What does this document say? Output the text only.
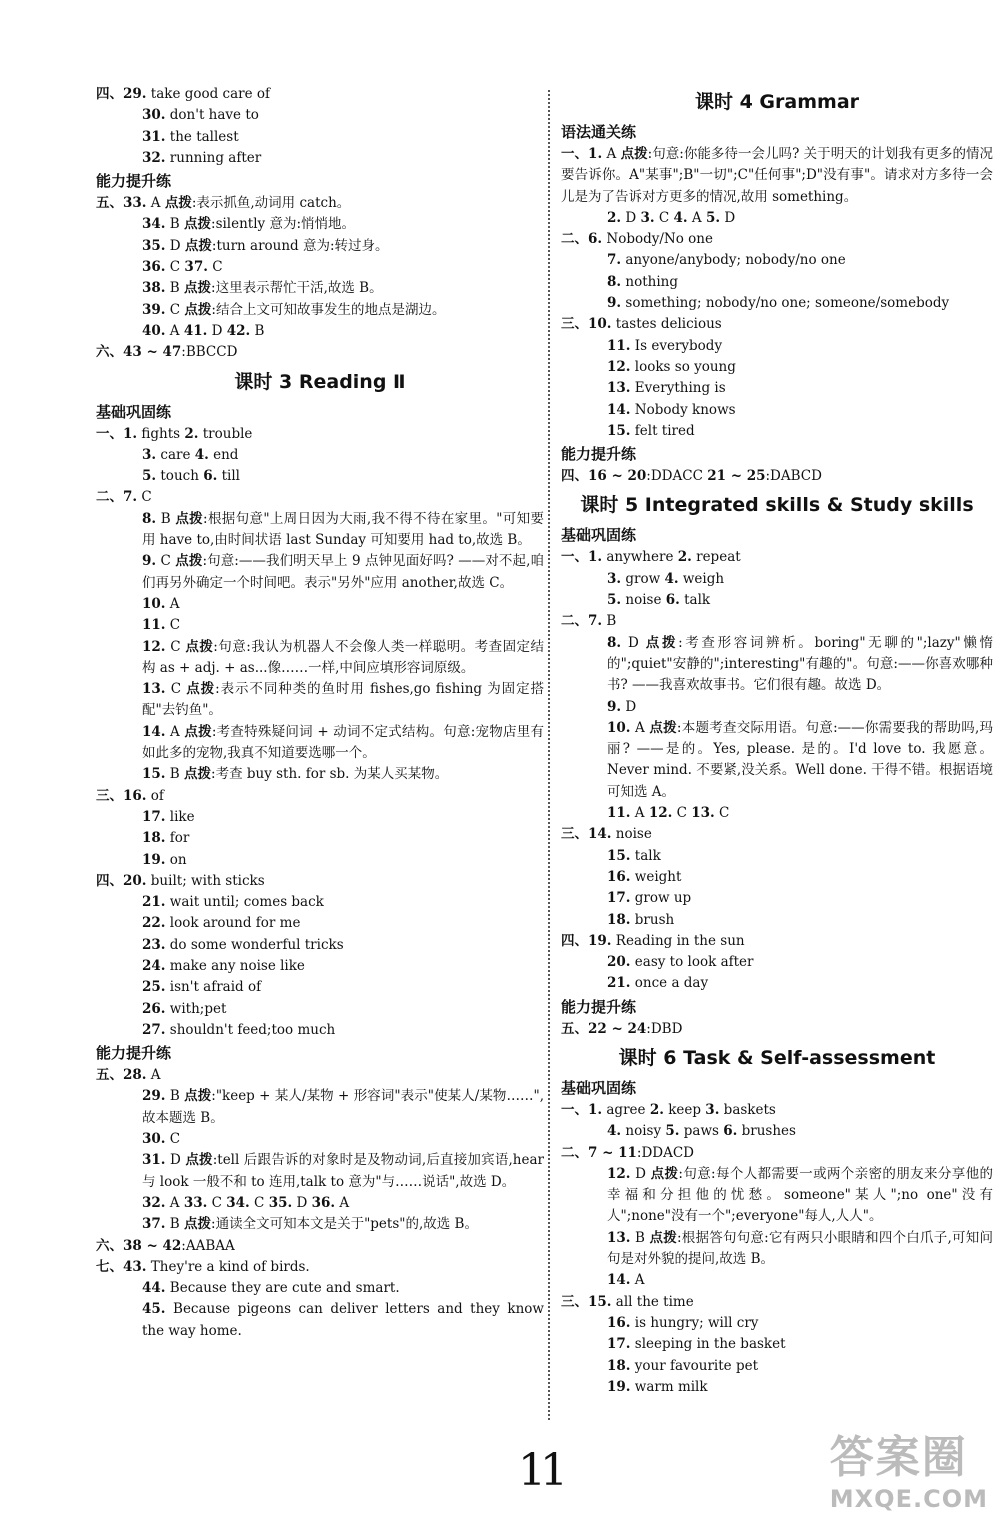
四、29. take good care of
30. don't have to
31. the tallest
32. running after
能力提升练
五、33. A 点拨:表示抓鱼,动词用 catch。
34. B 点拨:silently 意为:悄悄地。
35. D 点拨:turn around 意为:转过身。
36. C 37. C
38. B 点拨:这里表示帮忙干活,故选 B。
39. C 点拨:结合上文可知故事发生的地点是湖边。
40. A 41. D 42. B
六、43 ~ 47:BBCCD
课时 3 Reading Ⅱ
基础巩固练
一、1. fights 2. trouble
3. care 4. end
5. touch 6. till
二、7. C
8. B 点拨:根据句意"上周日因为大雨,我不得不待在家里。"可知要用 have to,由时间状语 last Sunday 可知要用 had to,故选 B。
9. C 点拨:句意:——我们明天早上 9 点钟见面好吗? ——对不起,咱们再另外确定一个时间吧。表示"另外"应用 another,故选 C。
10. A
11. C
12. C 点拨:句意:我认为机器人不会像人类一样聪明。考查固定结构 as + adj. + as...像……一样,中间应填形容词原级。
13. C 点拨:表示不同种类的鱼时用 fishes,go fishing 为固定搭配"去钓鱼"。
14. A 点拨:考查特殊疑问词 + 动词不定式结构。句意:宠物店里有如此多的宠物,我真不知道要选哪一个。
15. B 点拨:考查 buy sth. for sb. 为某人买某物。
三、16. of
17. like
18. for
19. on
四、20. built; with sticks
21. wait until; comes back
22. look around for me
23. do some wonderful tricks
24. make any noise like
25. isn't afraid of
26. with;pet
27. shouldn't feed;too much
能力提升练
五、28. A
29. B 点拨:"keep + 某人/某物 + 形容词"表示"使某人/某物……",故本题选 B。
30. C
31. D 点拨:tell 后跟告诉的对象时是及物动词,后直接加宾语,hear 与 look 一般不和 to 连用,talk to 意为"与……说话",故选 D。
32. A 33. C 34. C 35. D 36. A
37. B 点拨:通读全文可知本文是关于"pets"的,故选 B。
六、38 ~ 42:AABAA
七、43. They're a kind of birds.
44. Because they are cute and smart.
45. Because pigeons can deliver letters and they know the way home.
课时 4 Grammar
语法通关练
一、1. A 点拨:句意:你能多待一会儿吗? 关于明天的计划我有更多的情况要告诉你。A"某事";B"一切";C"任何事";D"没有事"。请求对方多待一会儿是为了告诉对方更多的情况,故用 something。
2. D 3. C 4. A 5. D
二、6. Nobody/No one
7. anyone/anybody; nobody/no one
8. nothing
9. something; nobody/no one; someone/somebody
三、10. tastes delicious
11. Is everybody
12. looks so young
13. Everything is
14. Nobody knows
15. felt tired
能力提升练
四、16 ~ 20:DDACC 21 ~ 25:DABCD
课时 5 Integrated skills & Study skills
基础巩固练
一、1. anywhere 2. repeat
3. grow 4. weigh
5. noise 6. talk
二、7. B
8. D 点拨:考查形容词辨析。boring"无聊的";lazy"懒惰的";quiet"安静的";interesting"有趣的"。句意:——你喜欢哪种书? ——我喜欢故事书。它们很有趣。故选 D。
9. D
10. A 点拨:本题考查交际用语。句意:——你需要我的帮助吗,玛丽? ——是的。Yes, please. 是的。I'd love to. 我愿意。Never mind. 不要紧,没关系。Well done. 干得不错。根据语境可知选 A。
11. A 12. C 13. C
三、14. noise
15. talk
16. weight
17. grow up
18. brush
四、19. Reading in the sun
20. easy to look after
21. once a day
能力提升练
五、22 ~ 24:DBD
课时 6 Task & Self-assessment
基础巩固练
一、1. agree 2. keep 3. baskets
4. noisy 5. paws 6. brushes
二、7 ~ 11:DDACD
12. D 点拨:句意:每个人都需要一或两个亲密的朋友来分享他的幸福和分担他的忧愁。someone"某人";no one"没有人";none"没有一个";everyone"每人,人人"。
13. B 点拨:根据答句句意:它有两只小眼睛和四个白爪子,可知问句是对外貌的提问,故选 B。
14. A
三、15. all the time
16. is hungry; will cry
17. sleeping in the basket
18. your favourite pet
19. warm milk
11	答案圈
MXQE.COM
